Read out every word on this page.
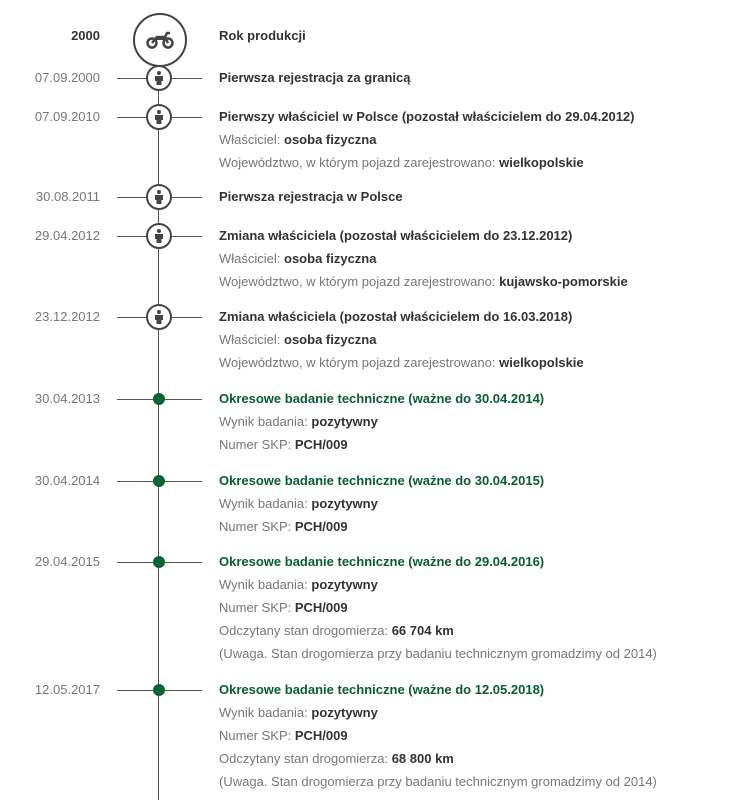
2000	Rok produkcji
07.09.2000	Pierwsza rejestracja za granicą
07.09.2010	Pierwszy właściciel w Polsce (pozostał właścicielem do 29.04.2012)
Właściciel: osoba fizyczna
Województwo, w którym pojazd zarejestrowano: wielkopolskie
30.08.2011	Pierwsza rejestracja w Polsce
29.04.2012	Zmiana właściciela (pozostał właścicielem do 23.12.2012)
Właściciel: osoba fizyczna
Województwo, w którym pojazd zarejestrowano: kujawsko-pomorskie
23.12.2012	Zmiana właściciela (pozostał właścicielem do 16.03.2018)
Właściciel: osoba fizyczna
Województwo, w którym pojazd zarejestrowano: wielkopolskie
30.04.2013	Okresowe badanie techniczne (ważne do 30.04.2014)
Wynik badania: pozytywny
Numer SKP: PCH/009
30.04.2014	Okresowe badanie techniczne (ważne do 30.04.2015)
Wynik badania: pozytywny
Numer SKP: PCH/009
29.04.2015	Okresowe badanie techniczne (ważne do 29.04.2016)
Wynik badania: pozytywny
Numer SKP: PCH/009
Odczytany stan drogomierza: 66 704 km
(Uwaga. Stan drogomierza przy badaniu technicznym gromadzimy od 2014)
12.05.2017	Okresowe badanie techniczne (ważne do 12.05.2018)
Wynik badania: pozytywny
Numer SKP: PCH/009
Odczytany stan drogomierza: 68 800 km
(Uwaga. Stan drogomierza przy badaniu technicznym gromadzimy od 2014)
